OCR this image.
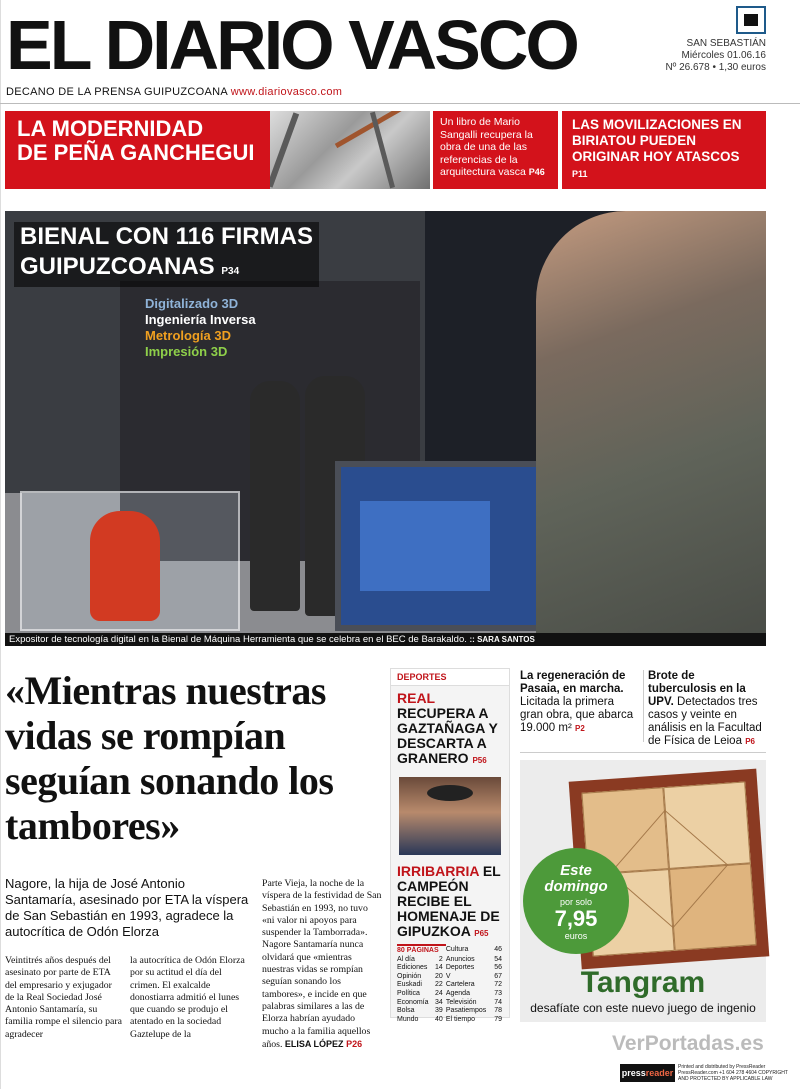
EL DIARIO VASCO	SAN SEBASTIÁN
Miércoles 01.06.16
Nº 26.678 • 1,30 euros
DECANO DE LA PRENSA GUIPUZCOANA www.diariovasco.com
LA MODERNIDAD
DE PEÑA GANCHEGUI
Un libro de Mario Sangalli recupera la obra de una de las referencias de la arquitectura vasca P46
LAS MOVILIZACIONES EN BIRIATOU PUEDEN ORIGINAR HOY ATASCOS P11
Digitalizado 3D
Ingeniería Inversa
Metrología 3D
Impresión 3D
BIENAL CON 116 FIRMAS
GUIPUZCOANAS P34
Expositor de tecnología digital en la Bienal de Máquina Herramienta que se celebra en el BEC de Barakaldo. :: SARA SANTOS
«Mientras nuestras vidas se rompían seguían sonando los tambores»
Nagore, la hija de José Antonio Santamaría, asesinado por ETA la víspera de San Sebastián en 1993, agradece la autocrítica de Odón Elorza
Veintitrés años después del asesinato por parte de ETA del empresario y exjugador de la Real Sociedad José Antonio Santamaría, su familia rompe el silencio para agradecer
la autocrítica de Odón Elorza por su actitud el día del crimen. El exalcalde donostiarra admitió el lunes que cuando se produjo el atentado en la sociedad Gaztelupe de la
Parte Vieja, la noche de la víspera de la festividad de San Sebastián en 1993, no tuvo «ni valor ni apoyos para suspender la Tamborrada». Nagore Santamaría nunca olvidará que «mientras nuestras vidas se rompían seguían sonando los tambores», e incide en que palabras similares a las de Elorza habrían ayudado mucho a la familia aquellos años. ELISA LÓPEZ P26
DEPORTES
REAL RECUPERA A GAZTAÑAGA Y DESCARTA A GRANERO P56
IRRIBARRIA EL CAMPEÓN RECIBE EL HOMENAJE DE GIPUZKOA P65
80 PÁGINAS		Cultura	46
Al día	2	Anuncios	54
Ediciones	14	Deportes	56
Opinión	20	V	67
Euskadi	22	Cartelera	72
Política	24	Agenda	73
Economía	34	Televisión	74
Bolsa	39	Pasatiempos	78
Mundo	40	El tiempo	79
La regeneración de Pasaia, en marcha. Licitada la primera gran obra, que abarca 19.000 m² P2
Brote de tuberculosis en la UPV. Detectados tres casos y veinte en análisis en la Facultad de Física de Leioa P6
Este
domingo
por solo
7,95
euros
Tangram
desafíate con este nuevo juego de ingenio
VerPortadas.es
pressreader
Printed and distributed by PressReader PressReader.com +1 604 278 4604 COPYRIGHT AND PROTECTED BY APPLICABLE LAW
